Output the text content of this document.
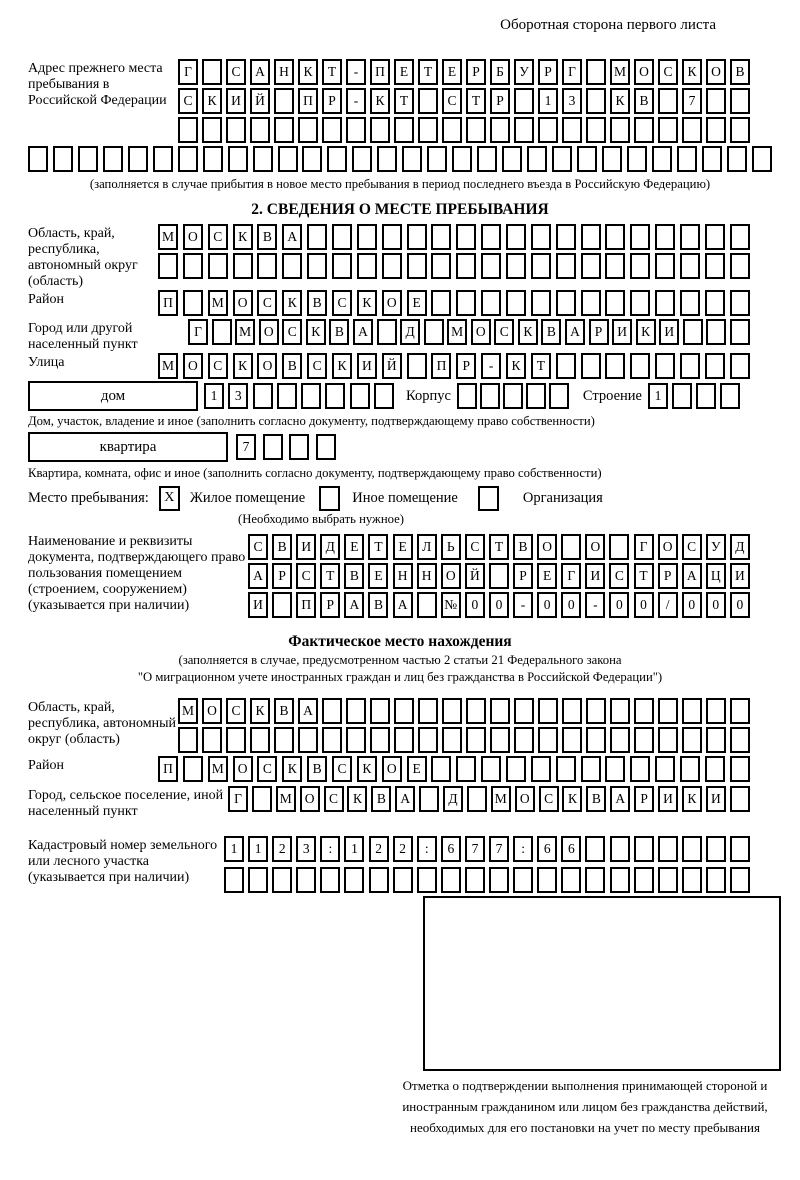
Оборотная сторона первого листа
Адрес прежнего места пребывания в Российской Федерации
Г	С	А	Н	К	Т	-	П	Е	Т	Е	Р	Б	У	Р	Г	М О	С	К	О	В
С	К	И	Й	П	Р	-	К	Т	С	Т	Р	1	3	К	В	7
(заполняется в случае прибытия в новое место пребывания в период последнего въезда в Российскую Федерацию)
2. СВЕДЕНИЯ О МЕСТЕ ПРЕБЫВАНИЯ
Область, край, республика, автономный округ (область)
М	О	С	К	В	А
Район	П	М	О	С	К	В	С	К	О	Е
Город или другой населенный пункт
Г	М О	С	К	В	А	Д	М О	С	К	В	А	Р	И	К	И
Улица	М	О	С	К	О	В	С	К	И	Й	П	Р	-	К	Т
дом	1	3	Корпус	Строение 1
Дом, участок, владение и иное (заполнить согласно документу, подтверждающему право собственности)
квартира	7
Квартира, комната, офис и иное (заполнить согласно документу, подтверждающему право собственности)
Место пребывания:	X	Жилое помещение	Иное помещение	Организация
(Необходимо выбрать нужное)
Наименование и реквизиты документа, подтверждающего право пользования помещением (строением, сооружением) (указывается при наличии)
С	В	И	Д	Е	Т	Е	Л	Ь	С	Т	В	О	О	Г	О	С	У	Д
А	Р	С	Т	В	Е	Н	Н	О	Й	Р	Е	Г	И	С	Т	Р	А	Ц	И
И	П	Р	А	В	А	№	0	0	-	0	0	-	0	0	/	0	0	0
Фактическое место нахождения
(заполняется в случае, предусмотренном частью 2 статьи 21 Федерального закона
"О миграционном учете иностранных граждан и лиц без гражданства в Российской Федерации")
Область, край, республика, автономный округ (область)
М О	С	К	В	А
Район	П	М	О	С	К	В	С	К	О	Е
Город, сельское поселение, иной населенный пункт
Г	М О	С	К	В	А	Д	М О	С	К	В	А	Р	И	К	И
Кадастровый номер земельного или лесного участка (указывается при наличии)
1	1	2	3	:	1	2	2	:	6	7	7	:	6	6
Отметка о подтверждении выполнения принимающей стороной и иностранным гражданином или лицом без гражданства действий, необходимых для его постановки на учет по месту пребывания
